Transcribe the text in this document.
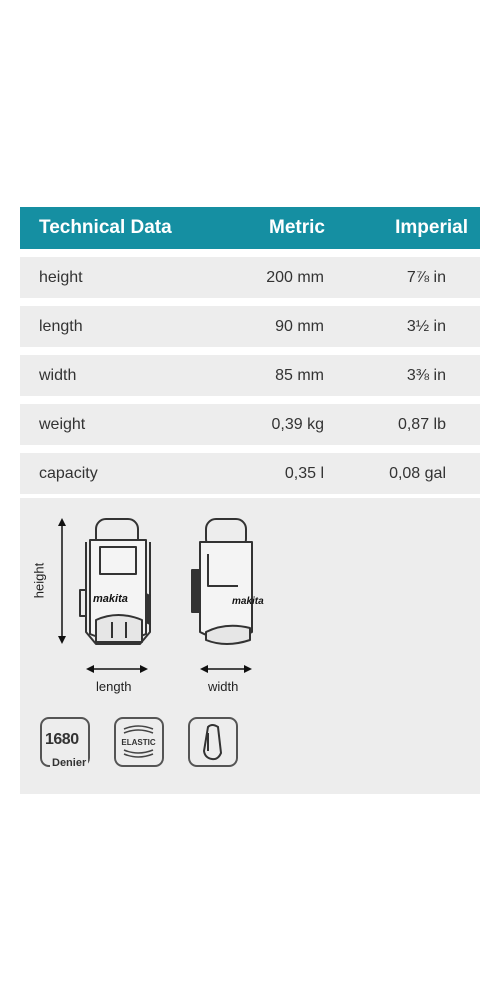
Technical Data	Metric	Imperial
height	200 mm	7⅞ in
length	90 mm	3½ in
width	85 mm	3⅜ in
weight	0,39 kg	0,87 lb
capacity	0,35 l	0,08 gal
makita	makita
height
length	width
1680
Denier
ELASTIC
